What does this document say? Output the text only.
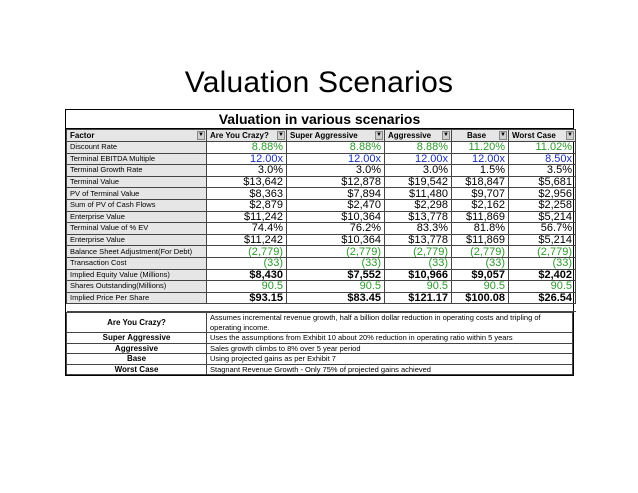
Valuation Scenarios
Valuation in various scenarios
Factor ▼	Are You Crazy? ▼	Super Aggressive ▼	Aggressive ▼	Base ▼	Worst Case ▼

Discount Rate	8.88%	8.88%	8.88%	11.20%	11.02%
Terminal EBITDA Multiple	12.00x	12.00x	12.00x	12.00x	8.50x
Terminal Growth Rate	3.0%	3.0%	3.0%	1.5%	3.5%
Terminal Value	$13,642	$12,878	$19,542	$18,847	$5,681
PV of Terminal Value	$8,363	$7,894	$11,480	$9,707	$2,956
Sum of PV of Cash Flows	$2,879	$2,470	$2,298	$2,162	$2,258
Enterprise Value	$11,242	$10,364	$13,778	$11,869	$5,214
Terminal Value of % EV	74.4%	76.2%	83.3%	81.8%	56.7%
Enterprise Value	$11,242	$10,364	$13,778	$11,869	$5,214
Balance Sheet Adjustment(For Debt)	(2,779)	(2,779)	(2,779)	(2,779)	(2,779)
Transaction Cost	(33)	(33)	(33)	(33)	(33)
Implied Equity Value (Millions)	$8,430	$7,552	$10,966	$9,057	$2,402
Shares Outstanding(Millions)	90.5	90.5	90.5	90.5	90.5
Implied Price Per Share	$93.15	$83.45	$121.17	$100.08	$26.54

Are You Crazy?	Assumes incremental revenue growth, half a billion dollar reduction in operating costs and tripling of
operating income.

Super Aggressive	Uses the assumptions from Exhibit 10 about 20% reduction in operating ratio within 5 years
Aggressive	Sales growth climbs to 8% over 5 year period
Base	Using projected gains as per Exhibit 7
Worst Case	Stagnant Revenue Growth - Only 75% of projected gains achieved
